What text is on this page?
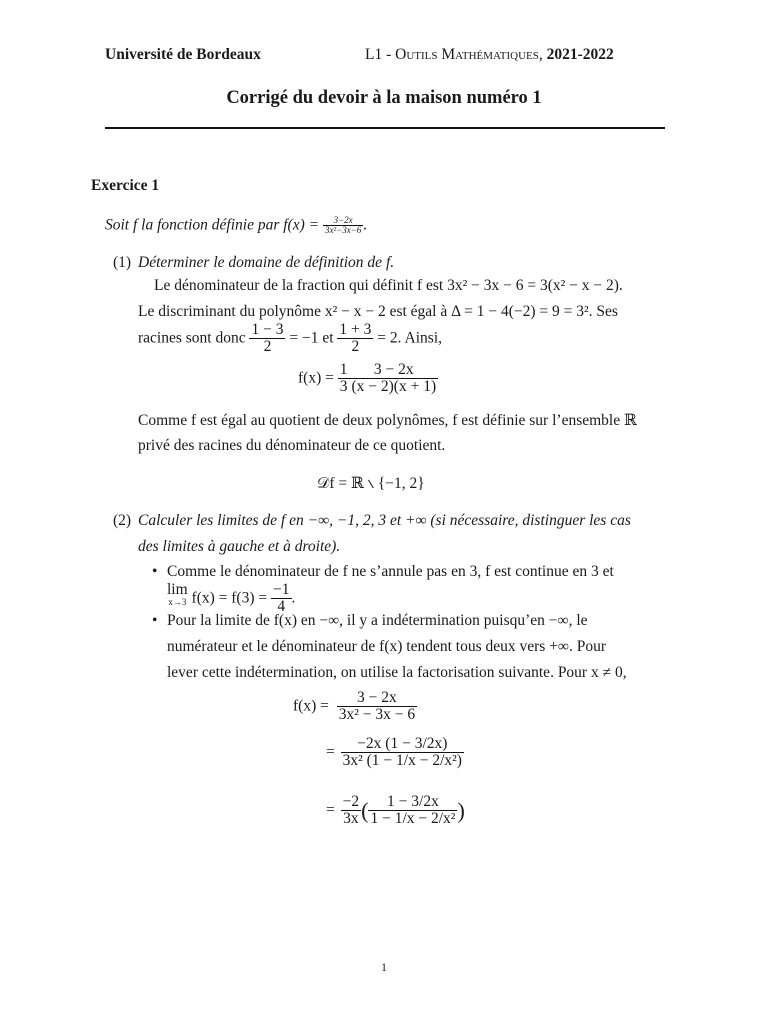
Université de Bordeaux	L1 - Outils Mathématiques, 2021-2022
Corrigé du devoir à la maison numéro 1
Exercice 1
Soit f la fonction définie par $f(x) = \frac{3-2x}{\text{3x²−3x−6}}$ .
(1) Déterminer le domaine de définition de f.
Le dénominateur de la fraction qui définit f est 3x² − 3x − 6 = 3(x² − x − 2).
Le discriminant du polynôme x² − x − 2 est égal à Δ = 1 − 4(−2) = 9 = 3². Ses
racines sont donc $\frac{1 - 3}{2} = -1$ et $\frac{1 + 3}{2} = 2$. Ainsi,
$f(x) = \frac{1}{3} \frac{3 - 2x}{(x - 2)(x + 1)}$
Comme f est égal au quotient de deux polynômes, f est définie sur l’ensemble ℝ
privé des racines du dénominateur de ce quotient.
𝒟f = ℝ ∖ {−1, 2}
(2) Calculer les limites de f en −∞, −1, 2, 3 et +∞ (si nécessaire, distinguer les cas
des limites à gauche et à droite).
• Comme le dénominateur de f ne s’annule pas en 3, f est continue en 3 et
lim
x→3 $f(x) = f(3) = \frac{-1}{4}$ .
• Pour la limite de f(x) en −∞, il y a indétermination puisqu’en −∞, le
numérateur et le dénominateur de f(x) tendent tous deux vers +∞. Pour
lever cette indétermination, on utilise la factorisation suivante. Pour x ≠ 0,
$f(x) = \frac{3 - 2x}{\text{3x² − 3x − 6}}$
= $\frac{-2x (1 - 3/2x)}{\text{3x² (1 − 1/x − 2/x²)}}$
= $\frac{-2}{3x}$ ( $\frac{1 - 3/2x}{\text{1 − 1/x − 2/x²}}$ )
1
